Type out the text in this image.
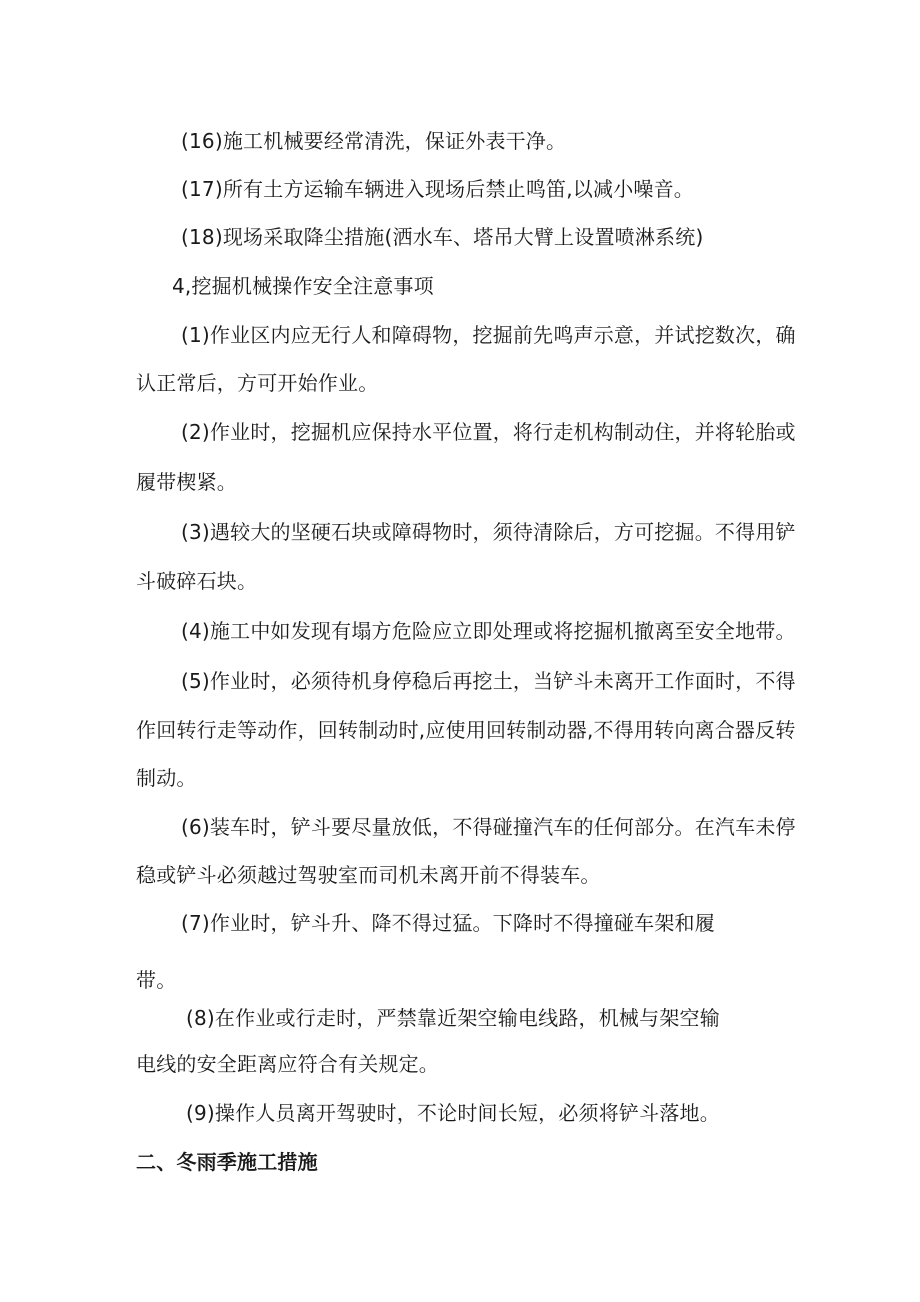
(16)施工机械要经常清洗，保证外表干净。
(17)所有土方运输车辆进入现场后禁止鸣笛,以减小噪音。
(18)现场采取降尘措施(洒水车、塔吊大臂上设置喷淋系统)
4,挖掘机械操作安全注意事项
(1)作业区内应无行人和障碍物，挖掘前先鸣声示意，并试挖数次，确
认正常后，方可开始作业。
(2)作业时，挖掘机应保持水平位置，将行走机构制动住，并将轮胎或
履带楔紧。
(3)遇较大的坚硬石块或障碍物时，须待清除后，方可挖掘。不得用铲
斗破碎石块。
(4)施工中如发现有塌方危险应立即处理或将挖掘机撤离至安全地带。
(5)作业时，必须待机身停稳后再挖土，当铲斗未离开工作面时，不得
作回转行走等动作，回转制动时,应使用回转制动器,不得用转向离合器反转
制动。
(6)装车时，铲斗要尽量放低，不得碰撞汽车的任何部分。在汽车未停
稳或铲斗必须越过驾驶室而司机未离开前不得装车。
(7)作业时，铲斗升、降不得过猛。下降时不得撞碰车架和履
带。
(8)在作业或行走时，严禁靠近架空输电线路，机械与架空输
电线的安全距离应符合有关规定。
(9)操作人员离开驾驶时，不论时间长短，必须将铲斗落地。
二、冬雨季施工措施
